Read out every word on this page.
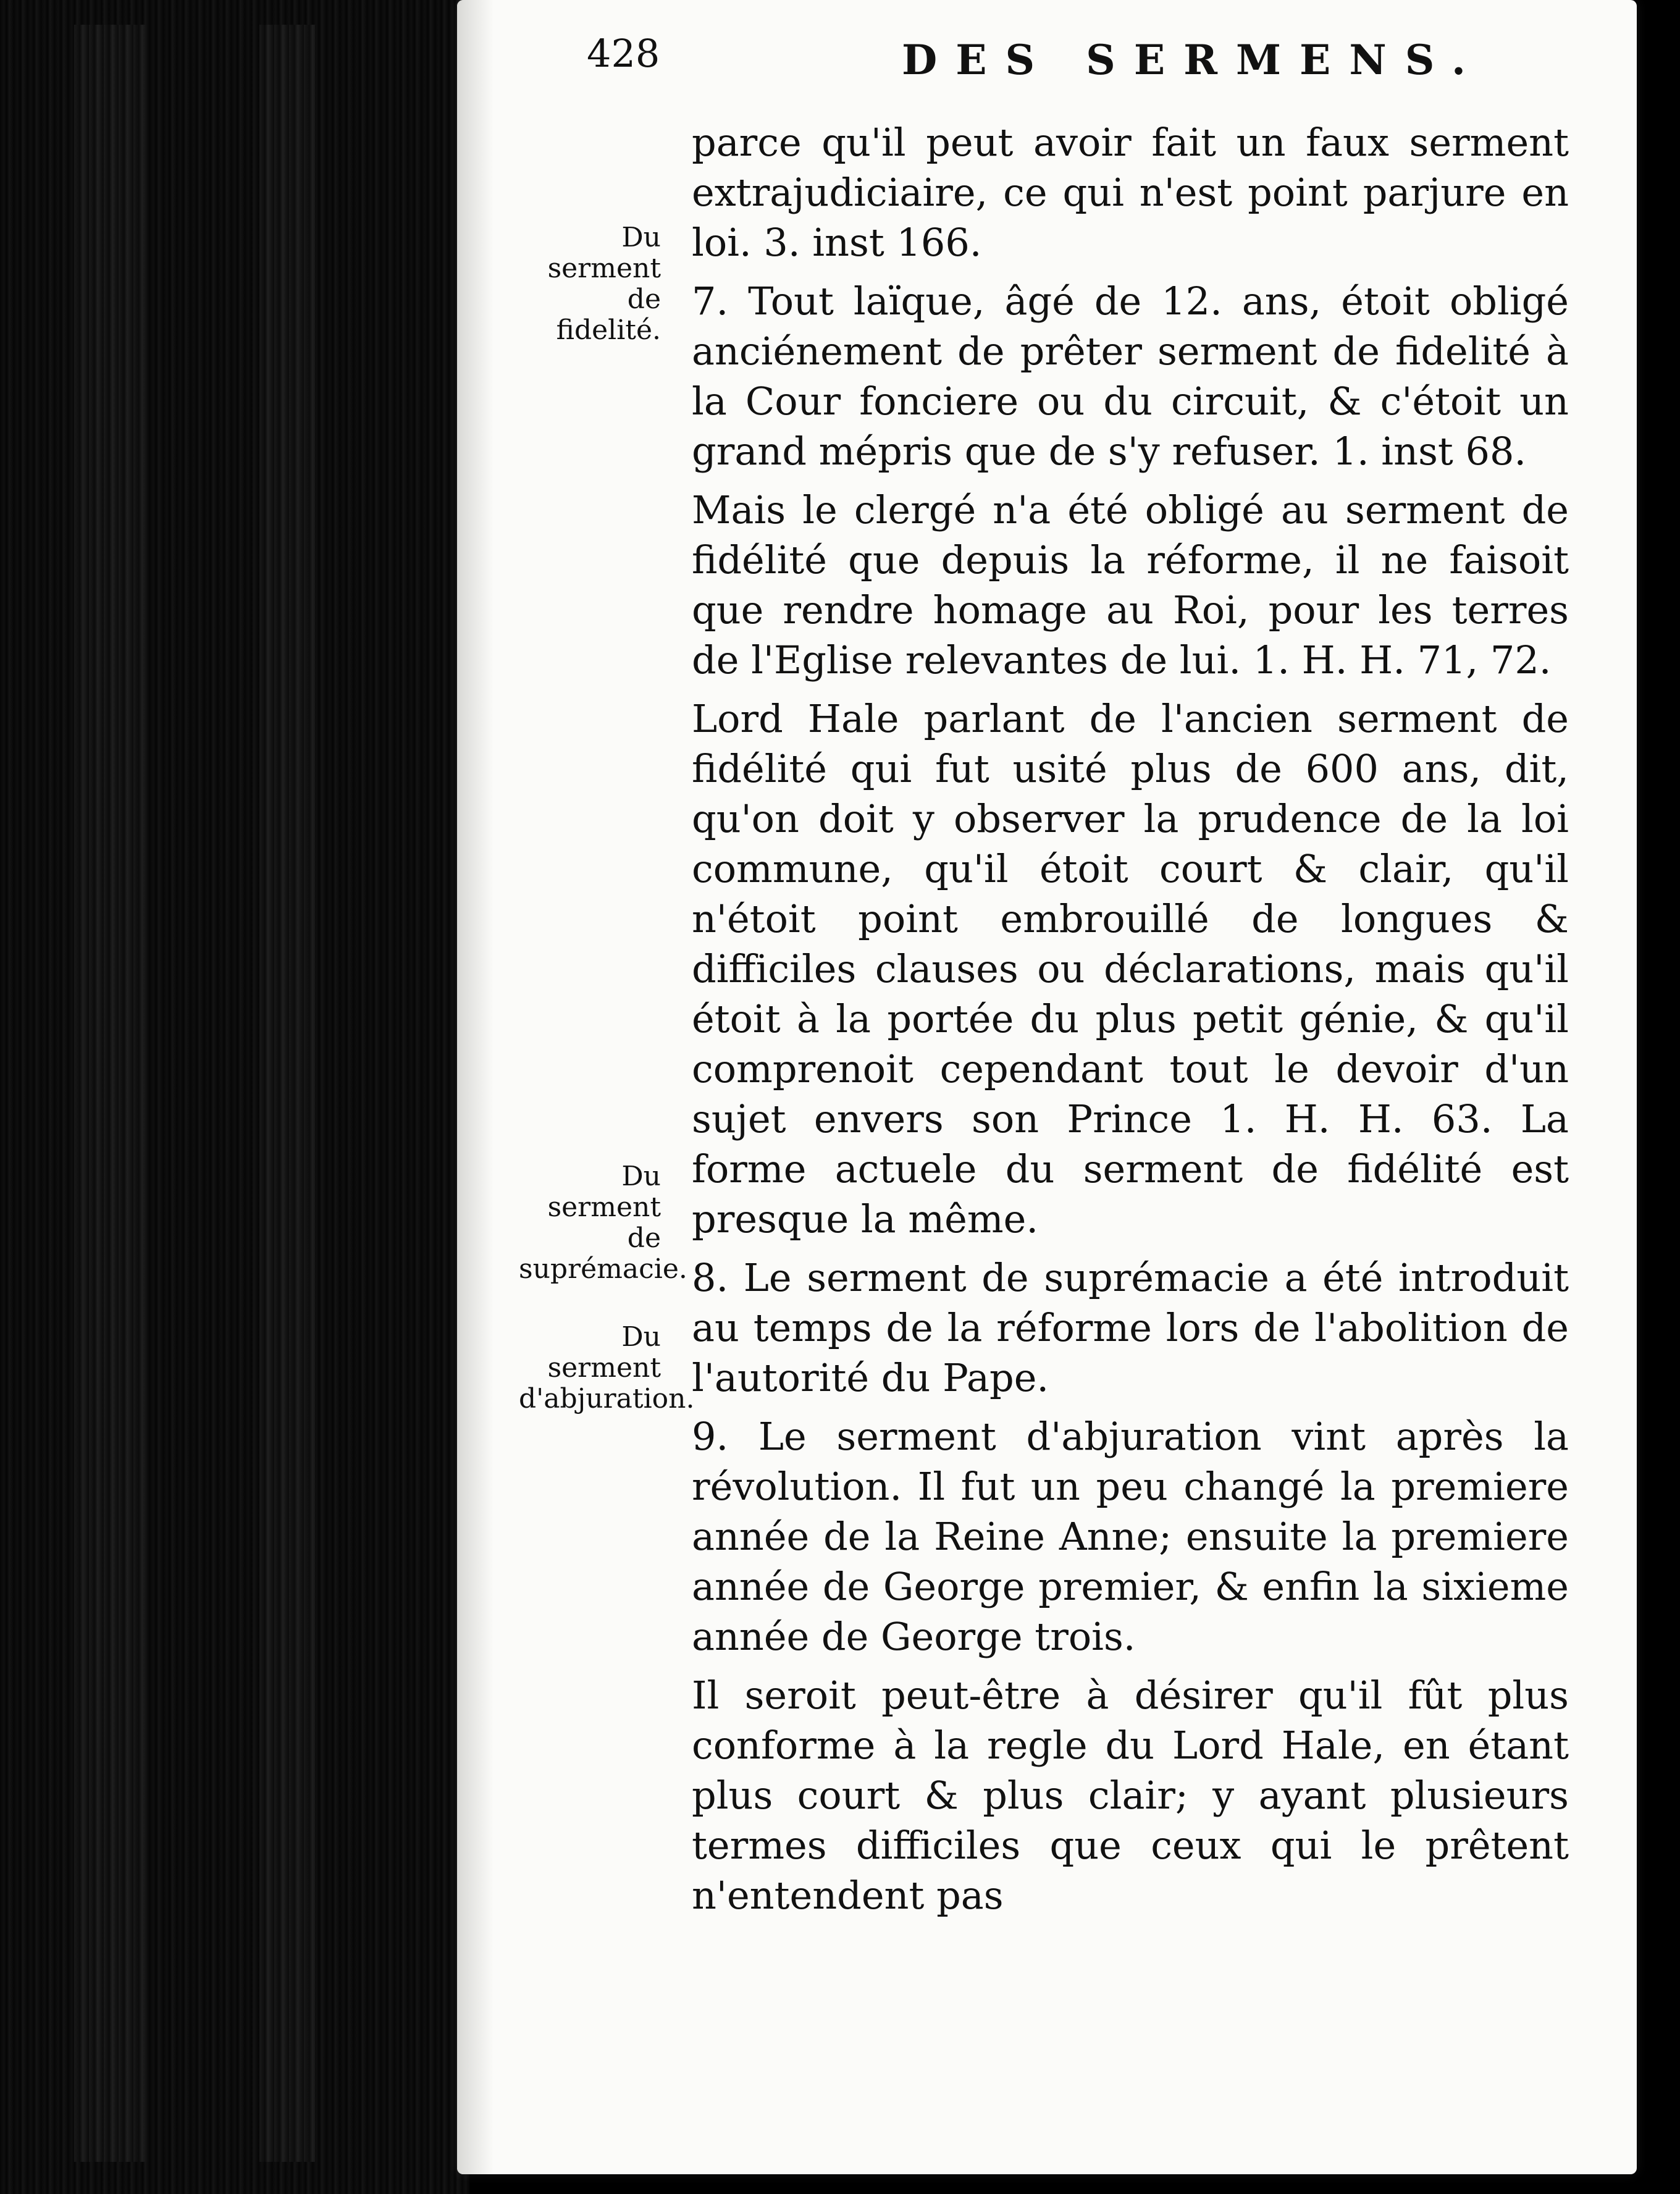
428	DES SERMENS.
Du serment de fidelité.
Du serment de suprémacie.
Du serment d'abjuration.

parce qu'il peut avoir fait un faux serment extrajudiciaire, ce qui n'est point parjure en loi. 3. inst 166.

7. Tout laïque, âgé de 12. ans, étoit obligé anciénement de prêter serment de fidelité à la Cour fonciere ou du circuit, & c'étoit un grand mépris que de s'y refuser. 1. inst 68.

Mais le clergé n'a été obligé au serment de fidélité que depuis la réforme, il ne faisoit que rendre homage au Roi, pour les terres de l'Eglise relevantes de lui. 1. H. H. 71, 72.

Lord Hale parlant de l'ancien serment de fidélité qui fut usité plus de 600 ans, dit, qu'on doit y observer la prudence de la loi commune, qu'il étoit court & clair, qu'il n'étoit point embrouillé de longues & difficiles clauses ou déclarations, mais qu'il étoit à la portée du plus petit génie, & qu'il comprenoit cependant tout le devoir d'un sujet envers son Prince 1. H. H. 63. La forme actuele du serment de fidélité est presque la même.

8. Le serment de suprémacie a été introduit au temps de la réforme lors de l'abolition de l'autorité du Pape.

9. Le serment d'abjuration vint après la révolution. Il fut un peu changé la premiere année de la Reine Anne; ensuite la premiere année de George premier, & enfin la sixieme année de George trois.

Il seroit peut-être à désirer qu'il fût plus conforme à la regle du Lord Hale, en étant plus court & plus clair; y ayant plusieurs termes difficiles que ceux qui le prêtent n'entendent pas
